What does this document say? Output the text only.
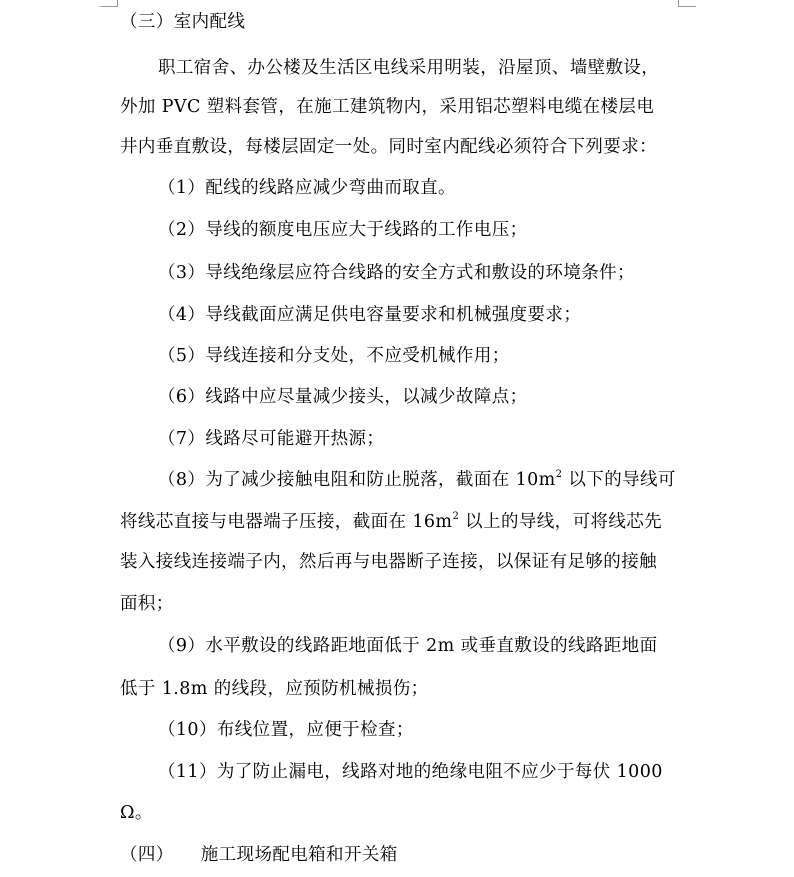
（三）室内配线
职工宿舍、办公楼及生活区电线采用明装，沿屋顶、墙壁敷设，
外加 PVC 塑料套管，在施工建筑物内，采用铝芯塑料电缆在楼层电
井内垂直敷设，每楼层固定一处。同时室内配线必须符合下列要求：
（1）配线的线路应减少弯曲而取直。
（2）导线的额度电压应大于线路的工作电压；
（3）导线绝缘层应符合线路的安全方式和敷设的环境条件；
（4）导线截面应满足供电容量要求和机械强度要求；
（5）导线连接和分支处，不应受机械作用；
（6）线路中应尽量减少接头，以减少故障点；
（7）线路尽可能避开热源；
（8）为了减少接触电阻和防止脱落，截面在 $10m^2$ 以下的导线可
将线芯直接与电器端子压接，截面在 $16m^2$ 以上的导线，可将线芯先
装入接线连接端子内，然后再与电器断子连接，以保证有足够的接触
面积；
（9）水平敷设的线路距地面低于 2m 或垂直敷设的线路距地面
低于 1.8m 的线段，应预防机械损伤；
（10）布线位置，应便于检查；
（11）为了防止漏电，线路对地的绝缘电阻不应少于每伏 1000
Ω。
（四）　　施工现场配电箱和开关箱
